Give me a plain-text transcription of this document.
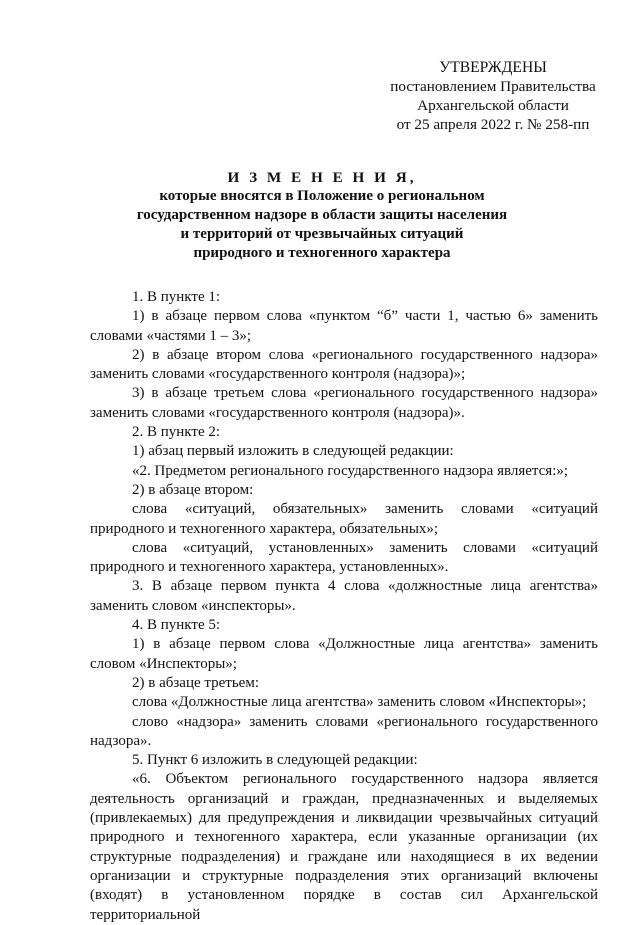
УТВЕРЖДЕНЫ
постановлением Правительства
Архангельской области
от 25 апреля 2022 г. № 258-пп
И З М Е Н Е Н И Я,
которые вносятся в Положение о региональном
государственном надзоре в области защиты населения
и территорий от чрезвычайных ситуаций
природного и техногенного характера

1. В пункте 1:

1) в абзаце первом слова «пунктом “б” части 1, частью 6» заменить словами «частями 1 – 3»;

2) в абзаце втором слова «регионального государственного надзора» заменить словами «государственного контроля (надзора)»;

3) в абзаце третьем слова «регионального государственного надзора» заменить словами «государственного контроля (надзора)».

2. В пункте 2:

1) абзац первый изложить в следующей редакции:

«2. Предметом регионального государственного надзора является:»;

2) в абзаце втором:

слова «ситуаций, обязательных» заменить словами «ситуаций природного и техногенного характера, обязательных»;

слова «ситуаций, установленных» заменить словами «ситуаций природного и техногенного характера, установленных».

3. В абзаце первом пункта 4 слова «должностные лица агентства» заменить словом «инспекторы».

4. В пункте 5:

1) в абзаце первом слова «Должностные лица агентства» заменить словом «Инспекторы»;

2) в абзаце третьем:

слова «Должностные лица агентства» заменить словом «Инспекторы»;

слово «надзора» заменить словами «регионального государственного надзора».

5. Пункт 6 изложить в следующей редакции:

«6. Объектом регионального государственного надзора является деятельность организаций и граждан, предназначенных и выделяемых (привлекаемых) для предупреждения и ликвидации чрезвычайных ситуаций природного и техногенного характера, если указанные организации (их структурные подразделения) и граждане или находящиеся в их ведении организации и структурные подразделения этих организаций включены (входят) в установленном порядке в состав сил Архангельской территориальной
